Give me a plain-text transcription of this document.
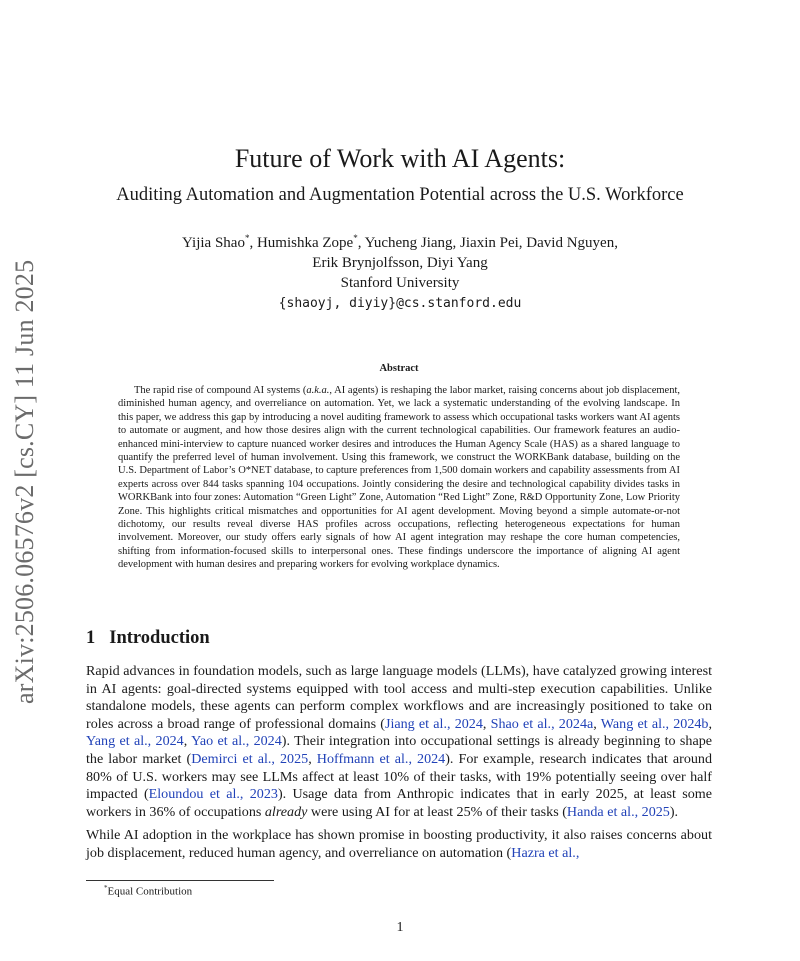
arXiv:2506.06576v2 [cs.CY] 11 Jun 2025
Future of Work with AI Agents:
Auditing Automation and Augmentation Potential across the U.S. Workforce
Yijia Shao*, Humishka Zope*, Yucheng Jiang, Jiaxin Pei, David Nguyen,
Erik Brynjolfsson, Diyi Yang
Stanford University
{shaoyj, diyiy}@cs.stanford.edu
Abstract

The rapid rise of compound AI systems (a.k.a., AI agents) is reshaping the labor market, raising concerns about job displacement, diminished human agency, and overreliance on automation. Yet, we lack a systematic understanding of the evolving landscape. In this paper, we address this gap by introducing a novel auditing framework to assess which occupational tasks workers want AI agents to automate or augment, and how those desires align with the current technological capabilities. Our framework features an audio-enhanced mini-interview to capture nuanced worker desires and introduces the Human Agency Scale (HAS) as a shared language to quantify the preferred level of human involvement. Using this framework, we construct the WORKBank database, building on the U.S. Department of Labor’s O*NET database, to capture preferences from 1,500 domain workers and capability assessments from AI experts across over 844 tasks spanning 104 occupations. Jointly considering the desire and technological capability divides tasks in WORKBank into four zones: Automation “Green Light” Zone, Automation “Red Light” Zone, R&D Opportunity Zone, Low Priority Zone. This highlights critical mismatches and opportunities for AI agent development. Moving beyond a simple automate-or-not dichotomy, our results reveal diverse HAS profiles across occupations, reflecting heterogeneous expectations for human involvement. Moreover, our study offers early signals of how AI agent integration may reshape the core human competencies, shifting from information-focused skills to interpersonal ones. These findings underscore the importance of aligning AI agent development with human desires and preparing workers for evolving workplace dynamics.

1 Introduction

Rapid advances in foundation models, such as large language models (LLMs), have catalyzed growing interest in AI agents: goal-directed systems equipped with tool access and multi-step execution capabilities. Unlike standalone models, these agents can perform complex workflows and are increasingly positioned to take on roles across a broad range of professional domains (Jiang et al., 2024, Shao et al., 2024a, Wang et al., 2024b, Yang et al., 2024, Yao et al., 2024). Their integration into occupational settings is already beginning to shape the labor market (Demirci et al., 2025, Hoffmann et al., 2024). For example, research indicates that around 80% of U.S. workers may see LLMs affect at least 10% of their tasks, with 19% potentially seeing over half impacted (Eloundou et al., 2023). Usage data from Anthropic indicates that in early 2025, at least some workers in 36% of occupations already were using AI for at least 25% of their tasks (Handa et al., 2025).

While AI adoption in the workplace has shown promise in boosting productivity, it also raises concerns about job displacement, reduced human agency, and overreliance on automation (Hazra et al.,

*Equal Contribution
1
